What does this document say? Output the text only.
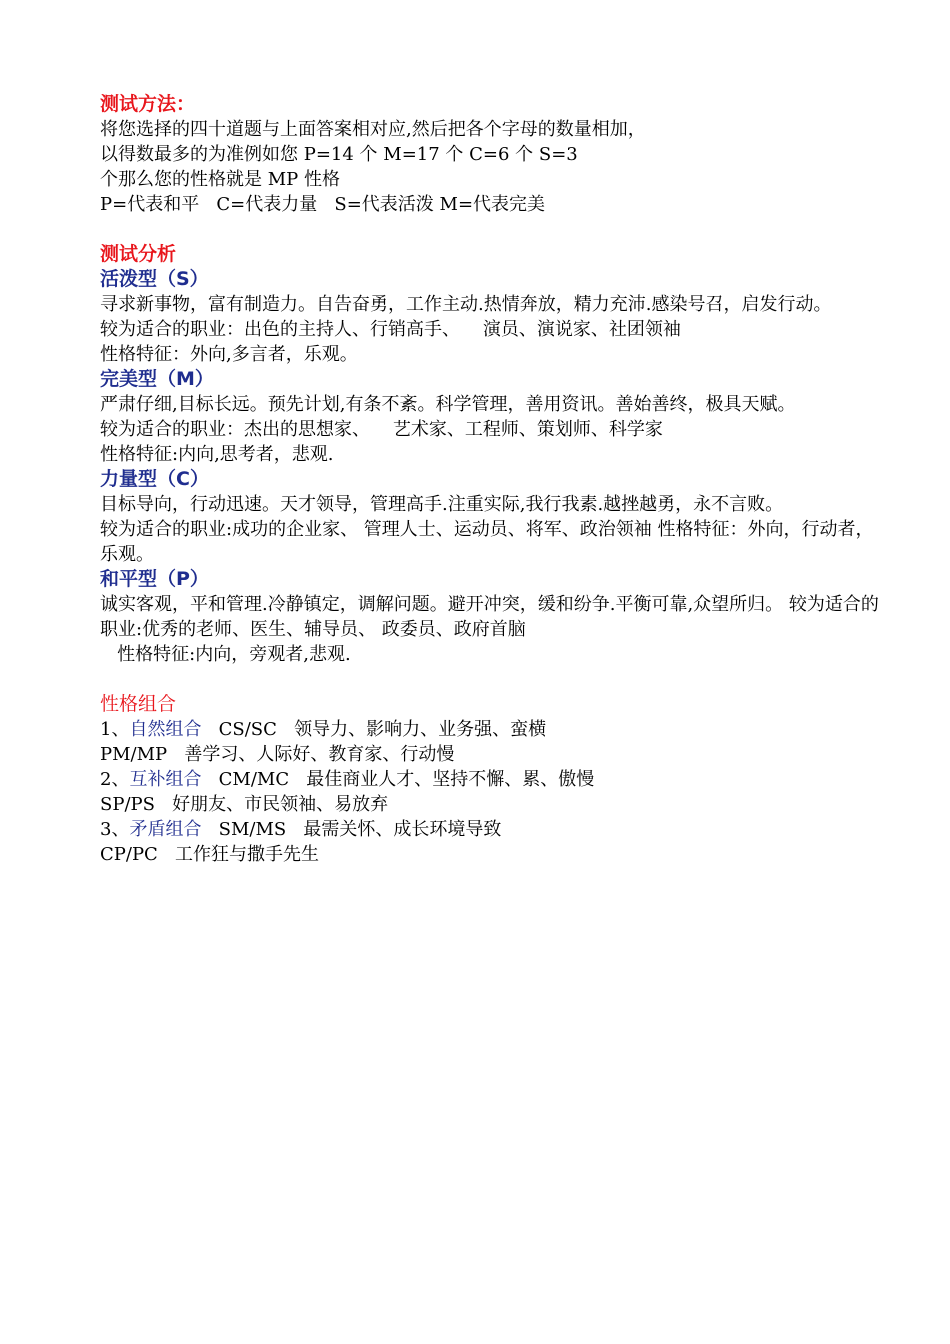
测试方法：
将您选择的四十道题与上面答案相对应,然后把各个字母的数量相加，
以得数最多的为准例如您 P=14 个 M=17 个 C=6 个 S=3
个那么您的性格就是 MP 性格
P=代表和平   C=代表力量   S=代表活泼 M=代表完美
测试分析
活泼型（S）
寻求新事物，富有制造力。自告奋勇，工作主动.热情奔放，精力充沛.感染号召，启发行动。
较为适合的职业：出色的主持人、行销高手、    演员、演说家、社团领袖
性格特征：外向,多言者，乐观。
完美型（M）
严肃仔细,目标长远。预先计划,有条不紊。科学管理，善用资讯。善始善终，极具天赋。
较为适合的职业：杰出的思想家、    艺术家、工程师、策划师、科学家
性格特征:内向,思考者，悲观.
力量型（C）
目标导向，行动迅速。天才领导，管理高手.注重实际,我行我素.越挫越勇，永不言败。
较为适合的职业:成功的企业家、 管理人士、运动员、将军、政治领袖 性格特征：外向，行动者，乐观。
和平型（P）
诚实客观，平和管理.冷静镇定，调解问题。避开冲突，缓和纷争.平衡可靠,众望所归。 较为适合的职业:优秀的老师、医生、辅导员、 政委员、政府首脑
性格特征:内向，旁观者,悲观.
性格组合
1、自然组合 CS/SC 领导力、影响力、业务强、蛮横
PM/MP 善学习、人际好、教育家、行动慢
2、互补组合 CM/MC 最佳商业人才、坚持不懈、累、傲慢
SP/PS 好朋友、市民领袖、易放弃
3、矛盾组合 SM/MS 最需关怀、成长环境导致
CP/PC 工作狂与撒手先生
